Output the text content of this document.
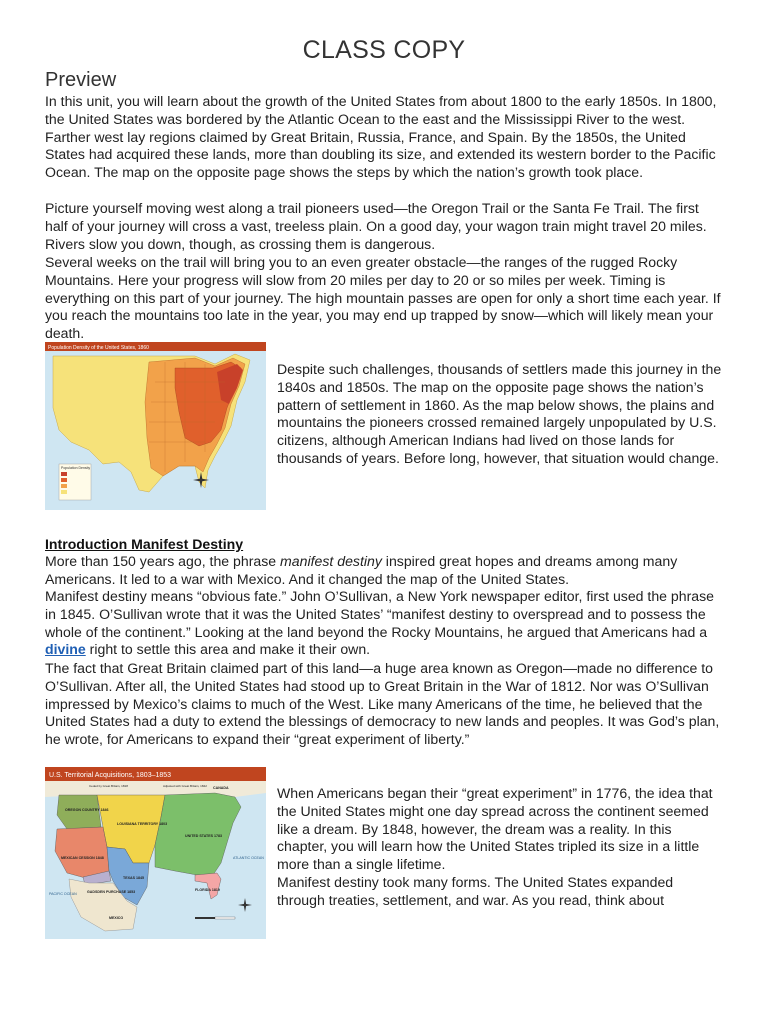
CLASS COPY
Preview
In this unit, you will learn about the growth of the United States from about 1800 to the early 1850s. In 1800, the United States was bordered by the Atlantic Ocean to the east and the Mississippi River to the west. Farther west lay regions claimed by Great Britain, Russia, France, and Spain. By the 1850s, the United States had acquired these lands, more than doubling its size, and extended its western border to the Pacific Ocean. The map on the opposite page shows the steps by which the nation’s growth took place.
Picture yourself moving west along a trail pioneers used—the Oregon Trail or the Santa Fe Trail. The first half of your journey will cross a vast, treeless plain. On a good day, your wagon train might travel 20 miles. Rivers slow you down, though, as crossing them is dangerous.
Several weeks on the trail will bring you to an even greater obstacle—the ranges of the rugged Rocky Mountains. Here your progress will slow from 20 miles per day to 20 or so miles per week. Timing is everything on this part of your journey. The high mountain passes are open for only a short time each year. If you reach the mountains too late in the year, you may end up trapped by snow—which will likely mean your death.
Population Density of the United States, 1860
Population Density
Despite such challenges, thousands of settlers made this journey in the 1840s and 1850s. The map on the opposite page shows the nation’s pattern of settlement in 1860. As the map below shows, the plains and mountains the pioneers crossed remained largely unpopulated by U.S. citizens, although American Indians had lived on those lands for thousands of years. Before long, however, that situation would change.
Introduction Manifest Destiny
More than 150 years ago, the phrase manifest destiny inspired great hopes and dreams among many Americans. It led to a war with Mexico. And it changed the map of the United States.
Manifest destiny means “obvious fate.” John O’Sullivan, a New York newspaper editor, first used the phrase in 1845. O’Sullivan wrote that it was the United States’ “manifest destiny to overspread and to possess the whole of the continent.” Looking at the land beyond the Rocky Mountains, he argued that Americans had a divine right to settle this area and make it their own.
The fact that Great Britain claimed part of this land—a huge area known as Oregon—made no difference to O’Sullivan. After all, the United States had stood up to Great Britain in the War of 1812. Nor was O’Sullivan impressed by Mexico’s claims to much of the West. Like many Americans of the time, he believed that the United States had a duty to extend the blessings of democracy to new lands and peoples. It was God’s plan, he wrote, for Americans to expand their “great experiment of liberty.”
U.S. Territorial Acquisitions, 1803–1853
CANADA
OREGON COUNTRY 1846
LOUISIANA TERRITORY 1803
UNITED STATES 1783
MEXICAN CESSION 1848
TEXAS 1845
GADSDEN PURCHASE 1853	FLORIDA 1819
MEXICO
PACIFIC OCEAN
ATLANTIC OCEAN
Ceded by Great Britain, 1818	Adjusted with Great Britain, 1842	When Americans began their “great experiment” in 1776, the idea that the United States might one day spread across the continent seemed like a dream. By 1848, however, the dream was a reality. In this chapter, you will learn how the United States tripled its size in a little more than a single lifetime.
Manifest destiny took many forms. The United States expanded through treaties, settlement, and war. As you read, think about
